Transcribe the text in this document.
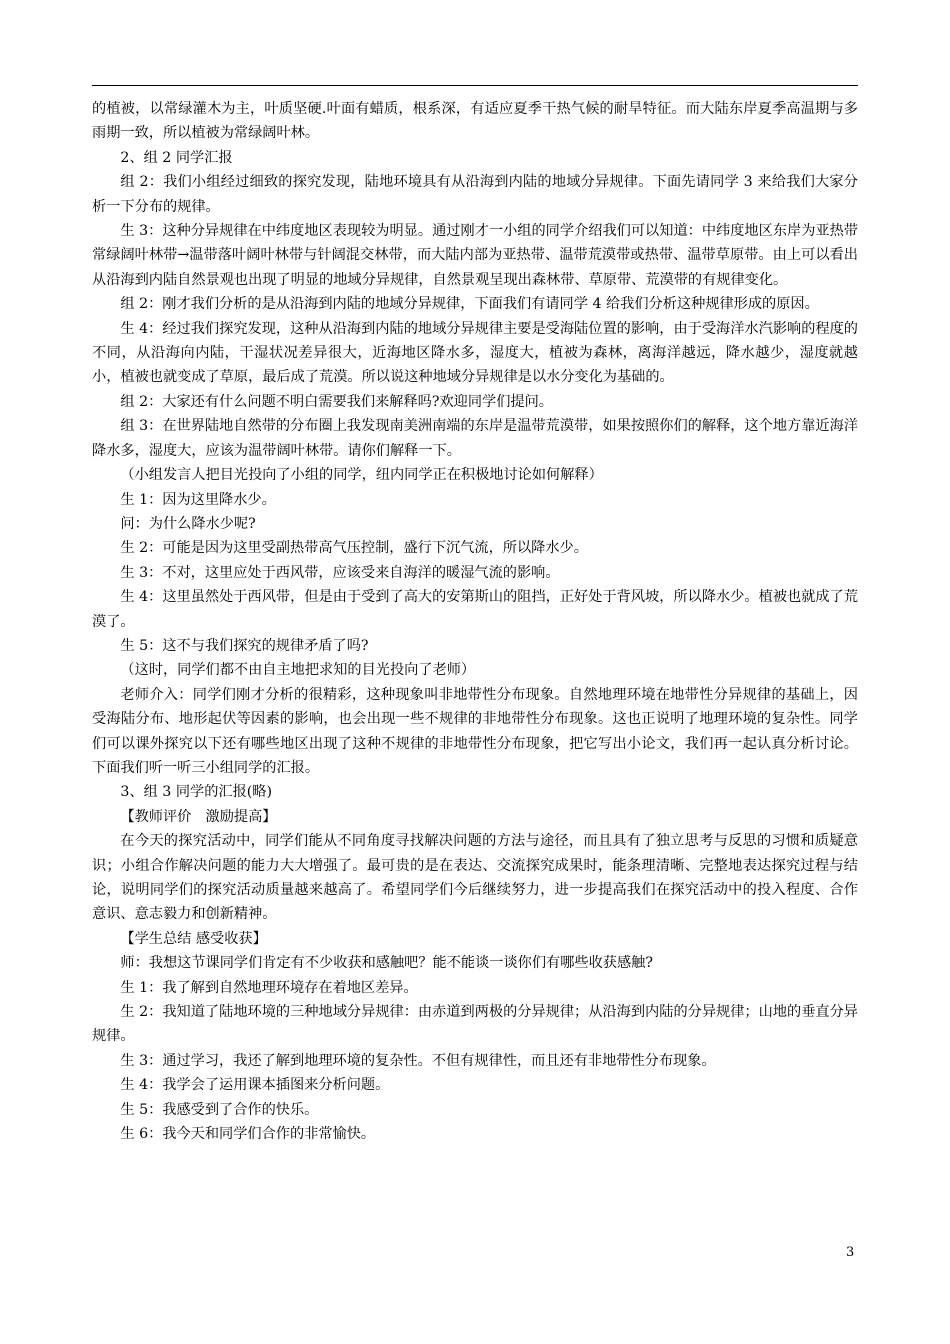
的植被，以常绿灌木为主，叶质坚硬.叶面有蜡质，根系深，有适应夏季干热气候的耐旱特征。而大陆东岸夏季高温期与多雨期一致，所以植被为常绿阔叶林。

2、组 2 同学汇报

组 2：我们小组经过细致的探究发现，陆地环境具有从沿海到内陆的地域分异规律。下面先请同学 3 来给我们大家分析一下分布的规律。

生 3：这种分异规律在中纬度地区表现较为明显。通过刚才一小组的同学介绍我们可以知道：中纬度地区东岸为亚热带常绿阔叶林带→温带落叶阔叶林带与针阔混交林带，而大陆内部为亚热带、温带荒漠带或热带、温带草原带。由上可以看出从沿海到内陆自然景观也出现了明显的地域分异规律，自然景观呈现出森林带、草原带、荒漠带的有规律变化。

组 2：刚才我们分析的是从沿海到内陆的地域分异规律，下面我们有请同学 4 给我们分析这种规律形成的原因。

生 4：经过我们探究发现，这种从沿海到内陆的地域分异规律主要是受海陆位置的影响，由于受海洋水汽影响的程度的不同，从沿海向内陆，干湿状况差异很大，近海地区降水多，湿度大，植被为森林，离海洋越远，降水越少，湿度就越小，植被也就变成了草原，最后成了荒漠。所以说这种地域分异规律是以水分变化为基础的。

组 2：大家还有什么问题不明白需要我们来解释吗?欢迎同学们提问。

组 3：在世界陆地自然带的分布圈上我发现南美洲南端的东岸是温带荒漠带，如果按照你们的解释，这个地方靠近海洋降水多，湿度大，应该为温带阔叶林带。请你们解释一下。

（小组发言人把目光投向了小组的同学，纽内同学正在积极地讨论如何解释）

生 1：因为这里降水少。

问：为什么降水少呢?

生 2：可能是因为这里受副热带高气压控制，盛行下沉气流，所以降水少。

生 3：不对，这里应处于西风带，应该受来自海洋的暖湿气流的影响。

生 4：这里虽然处于西风带，但是由于受到了高大的安第斯山的阻挡，正好处于背风坡，所以降水少。植被也就成了荒漠了。

生 5：这不与我们探究的规律矛盾了吗?

（这时，同学们都不由自主地把求知的目光投向了老师）

老师介入：同学们刚才分析的很精彩，这种现象叫非地带性分布现象。自然地理环境在地带性分异规律的基础上，因受海陆分布、地形起伏等因素的影响，也会出现一些不规律的非地带性分布现象。这也正说明了地理环境的复杂性。同学们可以课外探究以下还有哪些地区出现了这种不规律的非地带性分布现象，把它写出小论文，我们再一起认真分析讨论。下面我们听一听三小组同学的汇报。

3、组 3 同学的汇报(略)

【教师评价　激励提高】

在今天的探究活动中，同学们能从不同角度寻找解决问题的方法与途径，而且具有了独立思考与反思的习惯和质疑意识；小组合作解决问题的能力大大增强了。最可贵的是在表达、交流探究成果时，能条理清晰、完整地表达探究过程与结论，说明同学们的探究活动质量越来越高了。希望同学们今后继续努力，进一步提高我们在探究活动中的投入程度、合作意识、意志毅力和创新精神。

【学生总结 感受收获】

师：我想这节课同学们肯定有不少收获和感触吧？能不能谈一谈你们有哪些收获感触?

生 1：我了解到自然地理环境存在着地区差异。

生 2：我知道了陆地环境的三种地域分异规律：由赤道到两极的分异规律；从沿海到内陆的分异规律；山地的垂直分异规律。

生 3：通过学习，我还了解到地理环境的复杂性。不但有规律性，而且还有非地带性分布现象。

生 4：我学会了运用课本插图来分析问题。

生 5：我感受到了合作的快乐。

生 6：我今天和同学们合作的非常愉快。

3
